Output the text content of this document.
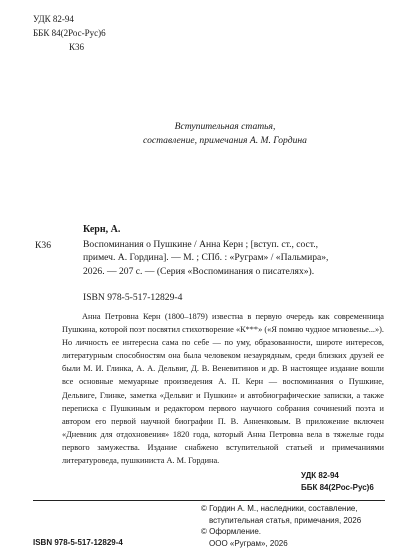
УДК 82-94
ББК 84(2Рос-Рус)6
К36
Вступительная статья,
составление, примечания А. М. Гордина
Керн, А.
К36	Воспоминания о Пушкине / Анна Керн ; [вступ. ст., сост.,
примеч. А. Гордина]. — М. ; СПб. : «Руграм» / «Пальмира»,
2026. — 207 с. — (Серия «Воспоминания о писателях»).
ISBN 978-5-517-12829-4
Анна Петровна Керн (1800–1879) известна в первую очередь как современница Пушкина, которой поэт посвятил стихотворение «К***» («Я помню чудное мгновенье...»). Но личность ее интересна сама по себе — по уму, образованности, широте интересов, литературным способностям она была человеком незаурядным, среди близких друзей ее были М. И. Глинка, А. А. Дельвиг, Д. В. Веневитинов и др. В настоящее издание вошли все основные мемуарные произведения А. П. Керн — воспоминания о Пушкине, Дельвиге, Глинке, заметка «Дельвиг и Пушкин» и автобиографические записки, а также переписка с Пушкиным и редактором первого научного собрания сочинений поэта и автором его первой научной биографии П. В. Анненковым. В приложение включен «Дневник для отдохновения» 1820 года, который Анна Петровна вела в тяжелые годы первого замужества. Издание снабжено вступительной статьей и примечаниями литературоведа, пушкиниста А. М. Гордина.
УДК 82-94
ББК 84(2Рос-Рус)6
© Гордин А. М., наследники, составление,
вступительная статья, примечания, 2026
© Оформление.
ООО «Руграм», 2026
ISBN 978-5-517-12829-4
